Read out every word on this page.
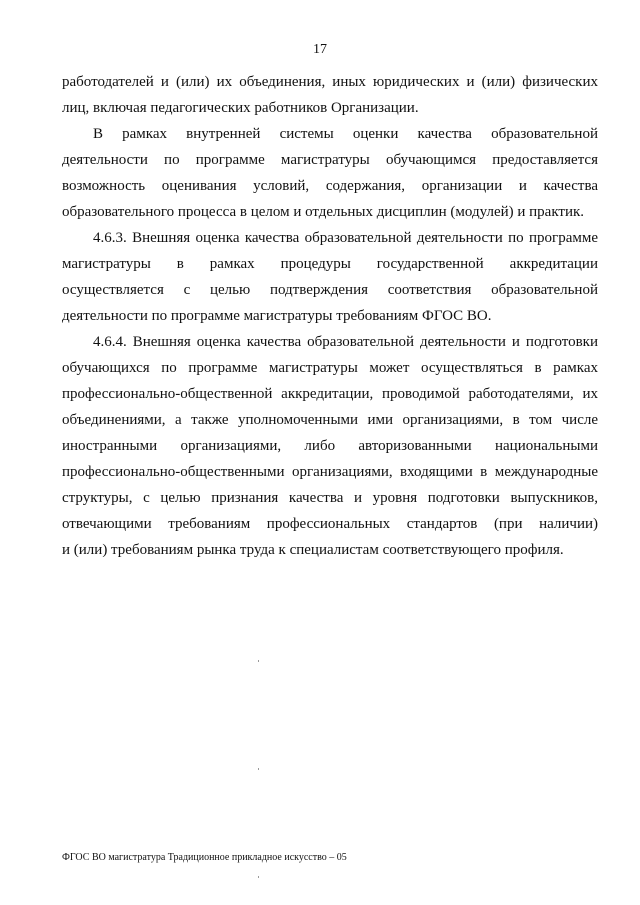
17

работодателей и (или) их объединения, иных юридических и (или) физических
лиц, включая педагогических работников Организации.

В рамках внутренней системы оценки качества образовательной
деятельности по программе магистратуры обучающимся предоставляется
возможность оценивания условий, содержания, организации и качества
образовательного процесса в целом и отдельных дисциплин (модулей) и практик.

4.6.3. Внешняя оценка качества образовательной деятельности по программе
магистратуры в рамках процедуры государственной аккредитации
осуществляется с целью подтверждения соответствия образовательной
деятельности по программе магистратуры требованиям ФГОС ВО.

4.6.4. Внешняя оценка качества образовательной деятельности и подготовки
обучающихся по программе магистратуры может осуществляться в рамках
профессионально-общественной аккредитации, проводимой работодателями, их
объединениями, а также уполномоченными ими организациями, в том числе
иностранными организациями, либо авторизованными национальными
профессионально-общественными организациями, входящими в международные
структуры, с целью признания качества и уровня подготовки выпускников,
отвечающими требованиям профессиональных стандартов (при наличии)
и (или) требованиям рынка труда к специалистам соответствующего профиля.

ФГОС ВО магистратура Традиционное прикладное искусство – 05
